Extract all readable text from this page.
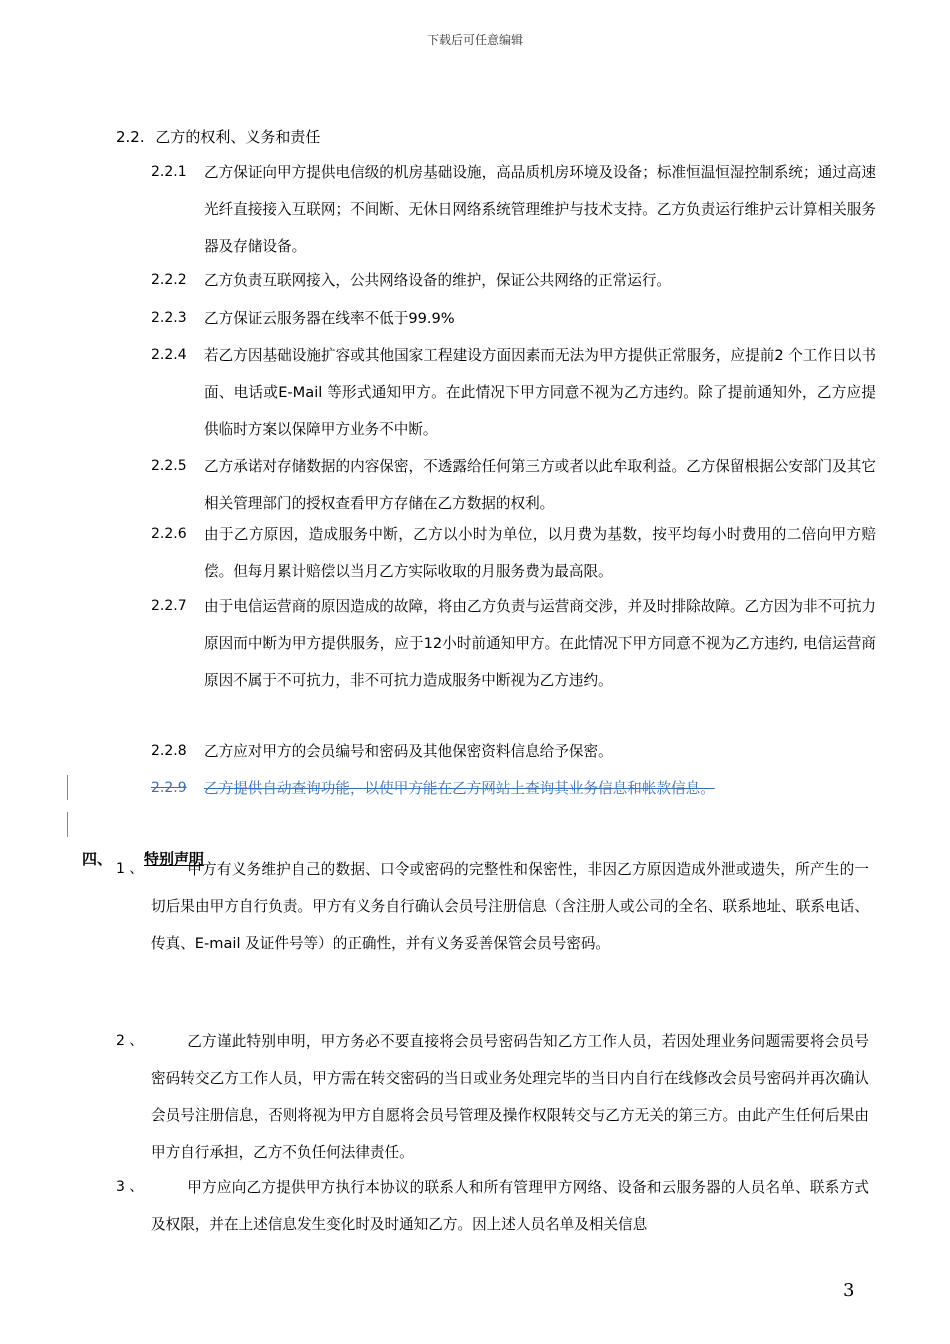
下载后可任意编辑
2.2. 乙方的权利、义务和责任
2.2.1 乙方保证向甲方提供电信级的机房基础设施，高品质机房环境及设备；标准恒温恒湿控制系统；通过高速光纤直接接入互联网；不间断、无休日网络系统管理维护与技术支持。乙方负责运行维护云计算相关服务器及存储设备。
2.2.2 乙方负责互联网接入，公共网络设备的维护，保证公共网络的正常运行。
2.2.3 乙方保证云服务器在线率不低于99.9%
2.2.4 若乙方因基础设施扩容或其他国家工程建设方面因素而无法为甲方提供正常服务，应提前2 个工作日以书面、电话或E-Mail 等形式通知甲方。在此情况下甲方同意不视为乙方违约。除了提前通知外，乙方应提供临时方案以保障甲方业务不中断。
2.2.5 乙方承诺对存储数据的内容保密，不透露给任何第三方或者以此牟取利益。乙方保留根据公安部门及其它相关管理部门的授权查看甲方存储在乙方数据的权利。
2.2.6 由于乙方原因，造成服务中断，乙方以小时为单位，以月费为基数，按平均每小时费用的二倍向甲方赔偿。但每月累计赔偿以当月乙方实际收取的月服务费为最高限。
2.2.7 由于电信运营商的原因造成的故障，将由乙方负责与运营商交涉，并及时排除故障。乙方因为非不可抗力原因而中断为甲方提供服务，应于12小时前通知甲方。在此情况下甲方同意不视为乙方违约, 电信运营商原因不属于不可抗力，非不可抗力造成服务中断视为乙方违约。
2.2.8 乙方应对甲方的会员编号和密码及其他保密资料信息给予保密。
2.2.9 乙方提供自动查询功能，以使甲方能在乙方网站上查询其业务信息和帐款信息。
四、 特别声明
1 、	甲方有义务维护自己的数据、口令或密码的完整性和保密性，非因乙方原因造成外泄或遗失，所产生的一切后果由甲方自行负责。甲方有义务自行确认会员号注册信息（含注册人或公司的全名、联系地址、联系电话、传真、E-mail 及证件号等）的正确性，并有义务妥善保管会员号密码。
2 、	乙方谨此特别申明，甲方务必不要直接将会员号密码告知乙方工作人员，若因处理业务问题需要将会员号密码转交乙方工作人员，甲方需在转交密码的当日或业务处理完毕的当日内自行在线修改会员号密码并再次确认会员号注册信息，否则将视为甲方自愿将会员号管理及操作权限转交与乙方无关的第三方。由此产生任何后果由甲方自行承担，乙方不负任何法律责任。
3 、	甲方应向乙方提供甲方执行本协议的联系人和所有管理甲方网络、设备和云服务器的人员名单、联系方式及权限，并在上述信息发生变化时及时通知乙方。因上述人员名单及相关信息
3
